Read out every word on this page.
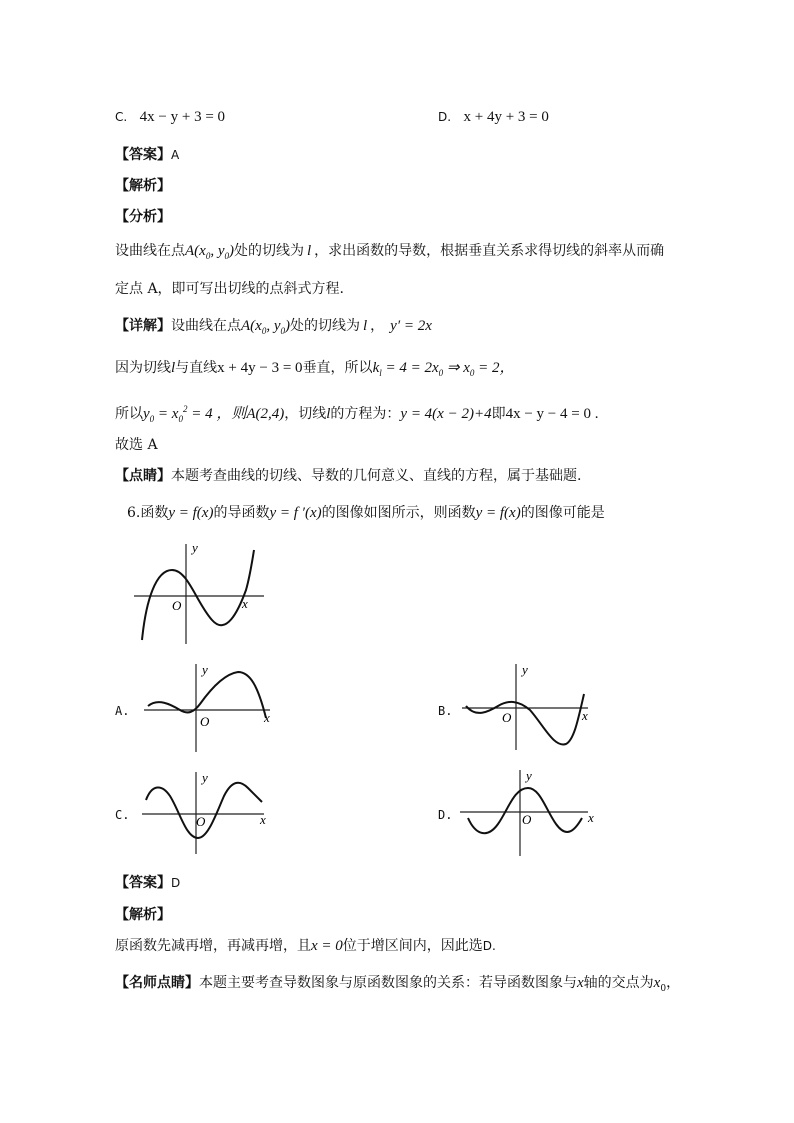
C. 4x − y + 3 = 0	D. x + 4y + 3 = 0
【答案】A
【解析】
【分析】
设曲线在点$A(x_0$, $y_0$)处的切线为 l ，求出函数的导数，根据垂直关系求得切线的斜率从而确
定点 A，即可写出切线的点斜式方程.
【详解】设曲线在点$A(x_0$, $y_0$)处的切线为 l ， y′ = 2x
因为切线l与直线x + 4y − 3 = 0垂直，所以$k_l = 4 = 2x_0$ ⇒ $x_0 = 2$，
所以$y_0 = x_0^2 = 4$ ，则A(2,4)，切线l的方程为：y = 4(x − 2)+4即4x − y − 4 = 0 .
故选 A
【点睛】本题考查曲线的切线、导数的几何意义、直线的方程，属于基础题.
6.函数y = f(x)的导函数y = f ′(x)的图像如图所示，则函数y = f(x)的图像可能是
y
x
O
A.
y
x
O
B.
y
x
O
C.
y
x
O	D.
y
x
O
【答案】D
【解析】
原函数先减再增，再减再增，且x = 0位于增区间内，因此选D.
【名师点睛】本题主要考查导数图象与原函数图象的关系：若导函数图象与x轴的交点为$x_0$，
